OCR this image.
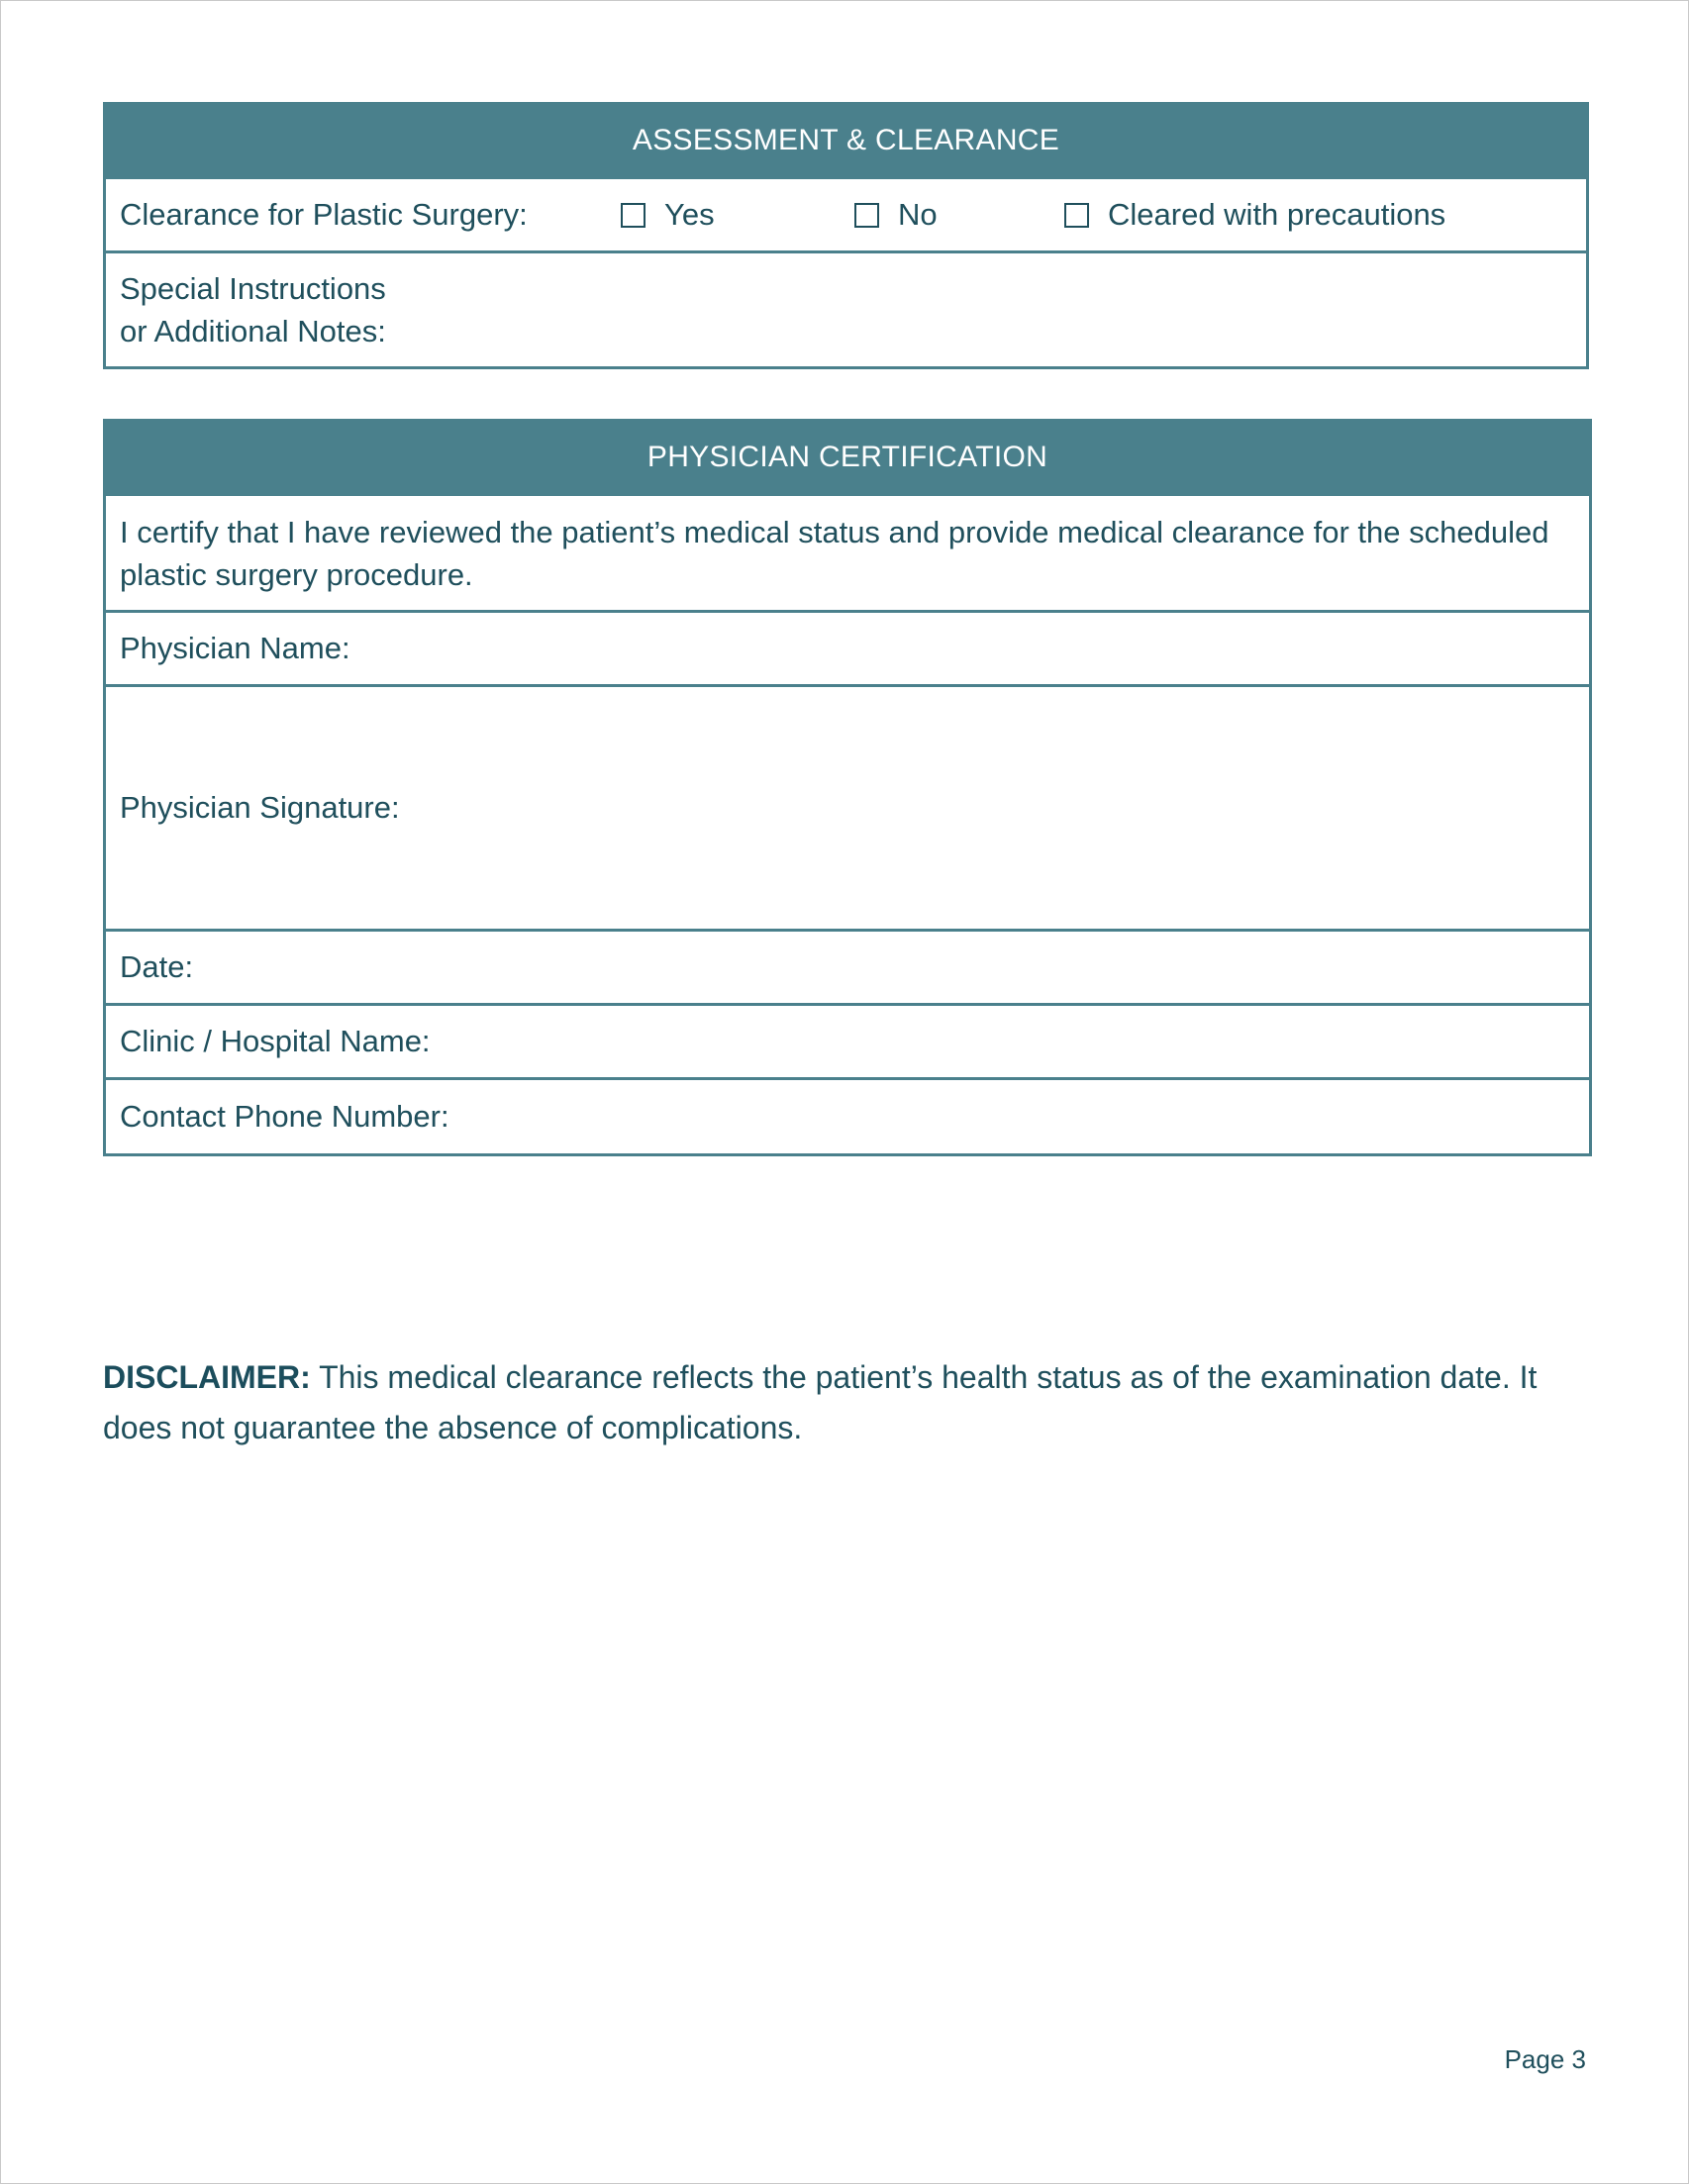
ASSESSMENT & CLEARANCE
Clearance for Plastic Surgery:	Yes	No	Cleared with precautions
Special Instructions
or Additional Notes:
PHYSICIAN CERTIFICATION
I certify that I have reviewed the patient’s medical status and provide medical clearance for the scheduled plastic surgery procedure.
Physician Name:
Physician Signature:
Date:
Clinic / Hospital Name:
Contact Phone Number:
DISCLAIMER: This medical clearance reflects the patient’s health status as of the examination date. It does not guarantee the absence of complications.
Page 3
